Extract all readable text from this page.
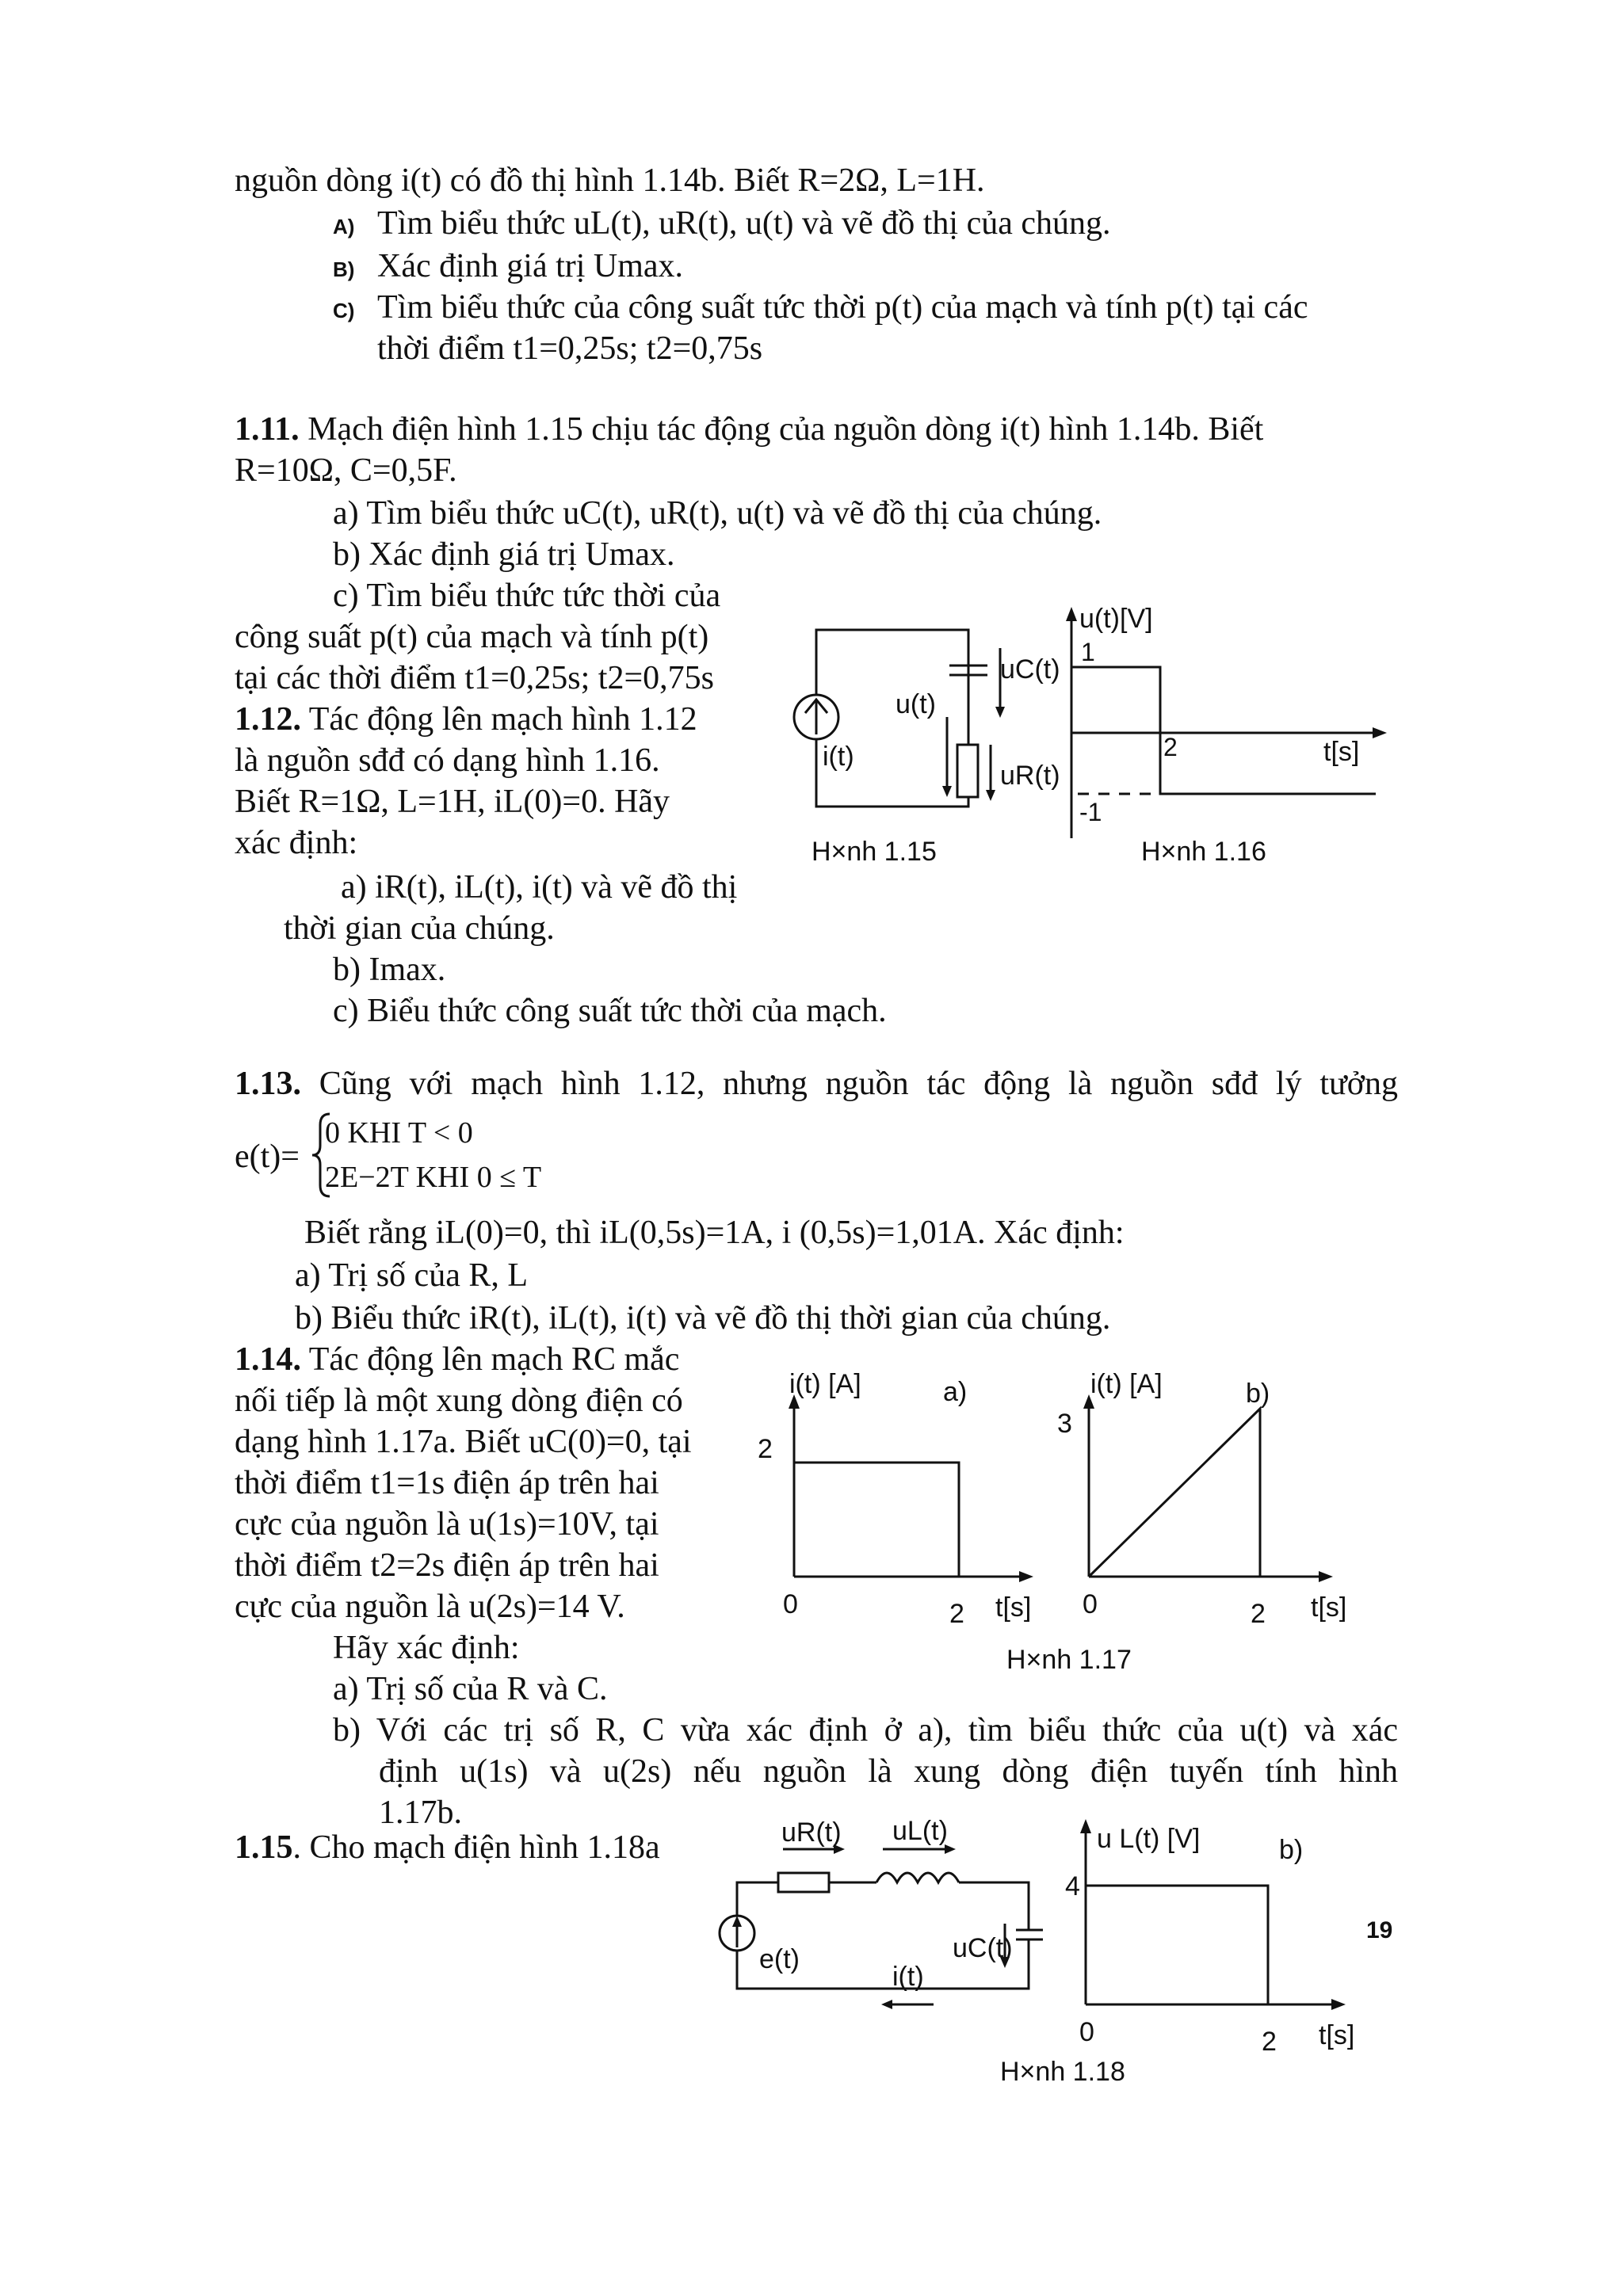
nguồn dòng i(t) có đồ thị hình 1.14b. Biết R=2Ω, L=1H.
A) Tìm biểu thức uL(t), uR(t), u(t) và vẽ đồ thị của chúng.
B) Xác định giá trị Umax.
C) Tìm biểu thức của công suất tức thời p(t) của mạch và tính p(t) tại các
thời điểm t1=0,25s; t2=0,75s
1.11. Mạch điện hình 1.15 chịu tác động của nguồn dòng i(t) hình 1.14b. Biết
R=10Ω, C=0,5F.
a) Tìm biểu thức uC(t), uR(t), u(t) và vẽ đồ thị của chúng.
b) Xác định giá trị Umax.
c) Tìm biểu thức tức thời của
công suất p(t) của mạch và tính p(t)
tại các thời điểm t1=0,25s; t2=0,75s
1.12. Tác động lên mạch hình 1.12
là nguồn sđđ có dạng hình 1.16.
Biết R=1Ω, L=1H, iL(0)=0. Hãy
xác định:
a) iR(t), iL(t), i(t) và vẽ đồ thị
thời gian của chúng.
b) Imax.
c) Biểu thức công suất tức thời của mạch.
i(t)
u(t)
uC(t)
uR(t)
H×nh 1.15
u(t)[V]
1
2	t[s]
-1
H×nh 1.16
1.13. Cũng với mạch hình 1.12, nhưng nguồn tác động là nguồn sđđ lý tưởng
e(t)=
0 KHI T < 0
2E−2T KHI 0 ≤ T
Biết rằng iL(0)=0, thì iL(0,5s)=1A, i (0,5s)=1,01A. Xác định:
a) Trị số của R, L
b) Biểu thức iR(t), iL(t), i(t) và vẽ đồ thị thời gian của chúng.
1.14. Tác động lên mạch RC mắc
nối tiếp là một xung dòng điện có
dạng hình 1.17a. Biết uC(0)=0, tại
thời điểm t1=1s điện áp trên hai
cực của nguồn là u(1s)=10V, tại
thời điểm t2=2s điện áp trên hai
cực của nguồn là u(2s)=14 V.
Hãy xác định:
a) Trị số của R và C.
b) Với các trị số R, C vừa xác định ở a), tìm biểu thức của u(t) và xác
định u(1s) và u(2s) nếu nguồn là xung dòng điện tuyến tính hình
1.17b.
i(t) [A]	a)
2
0	2 t[s]
i(t) [A]	b)
3
0	2 t[s]
H×nh 1.17
1.15. Cho mạch điện hình 1.18a	uR(t) uL(t)
uC(t)
e(t)
i(t)
u L(t) [V]	b)
4
0	2 t[s]
H×nh 1.18
19
